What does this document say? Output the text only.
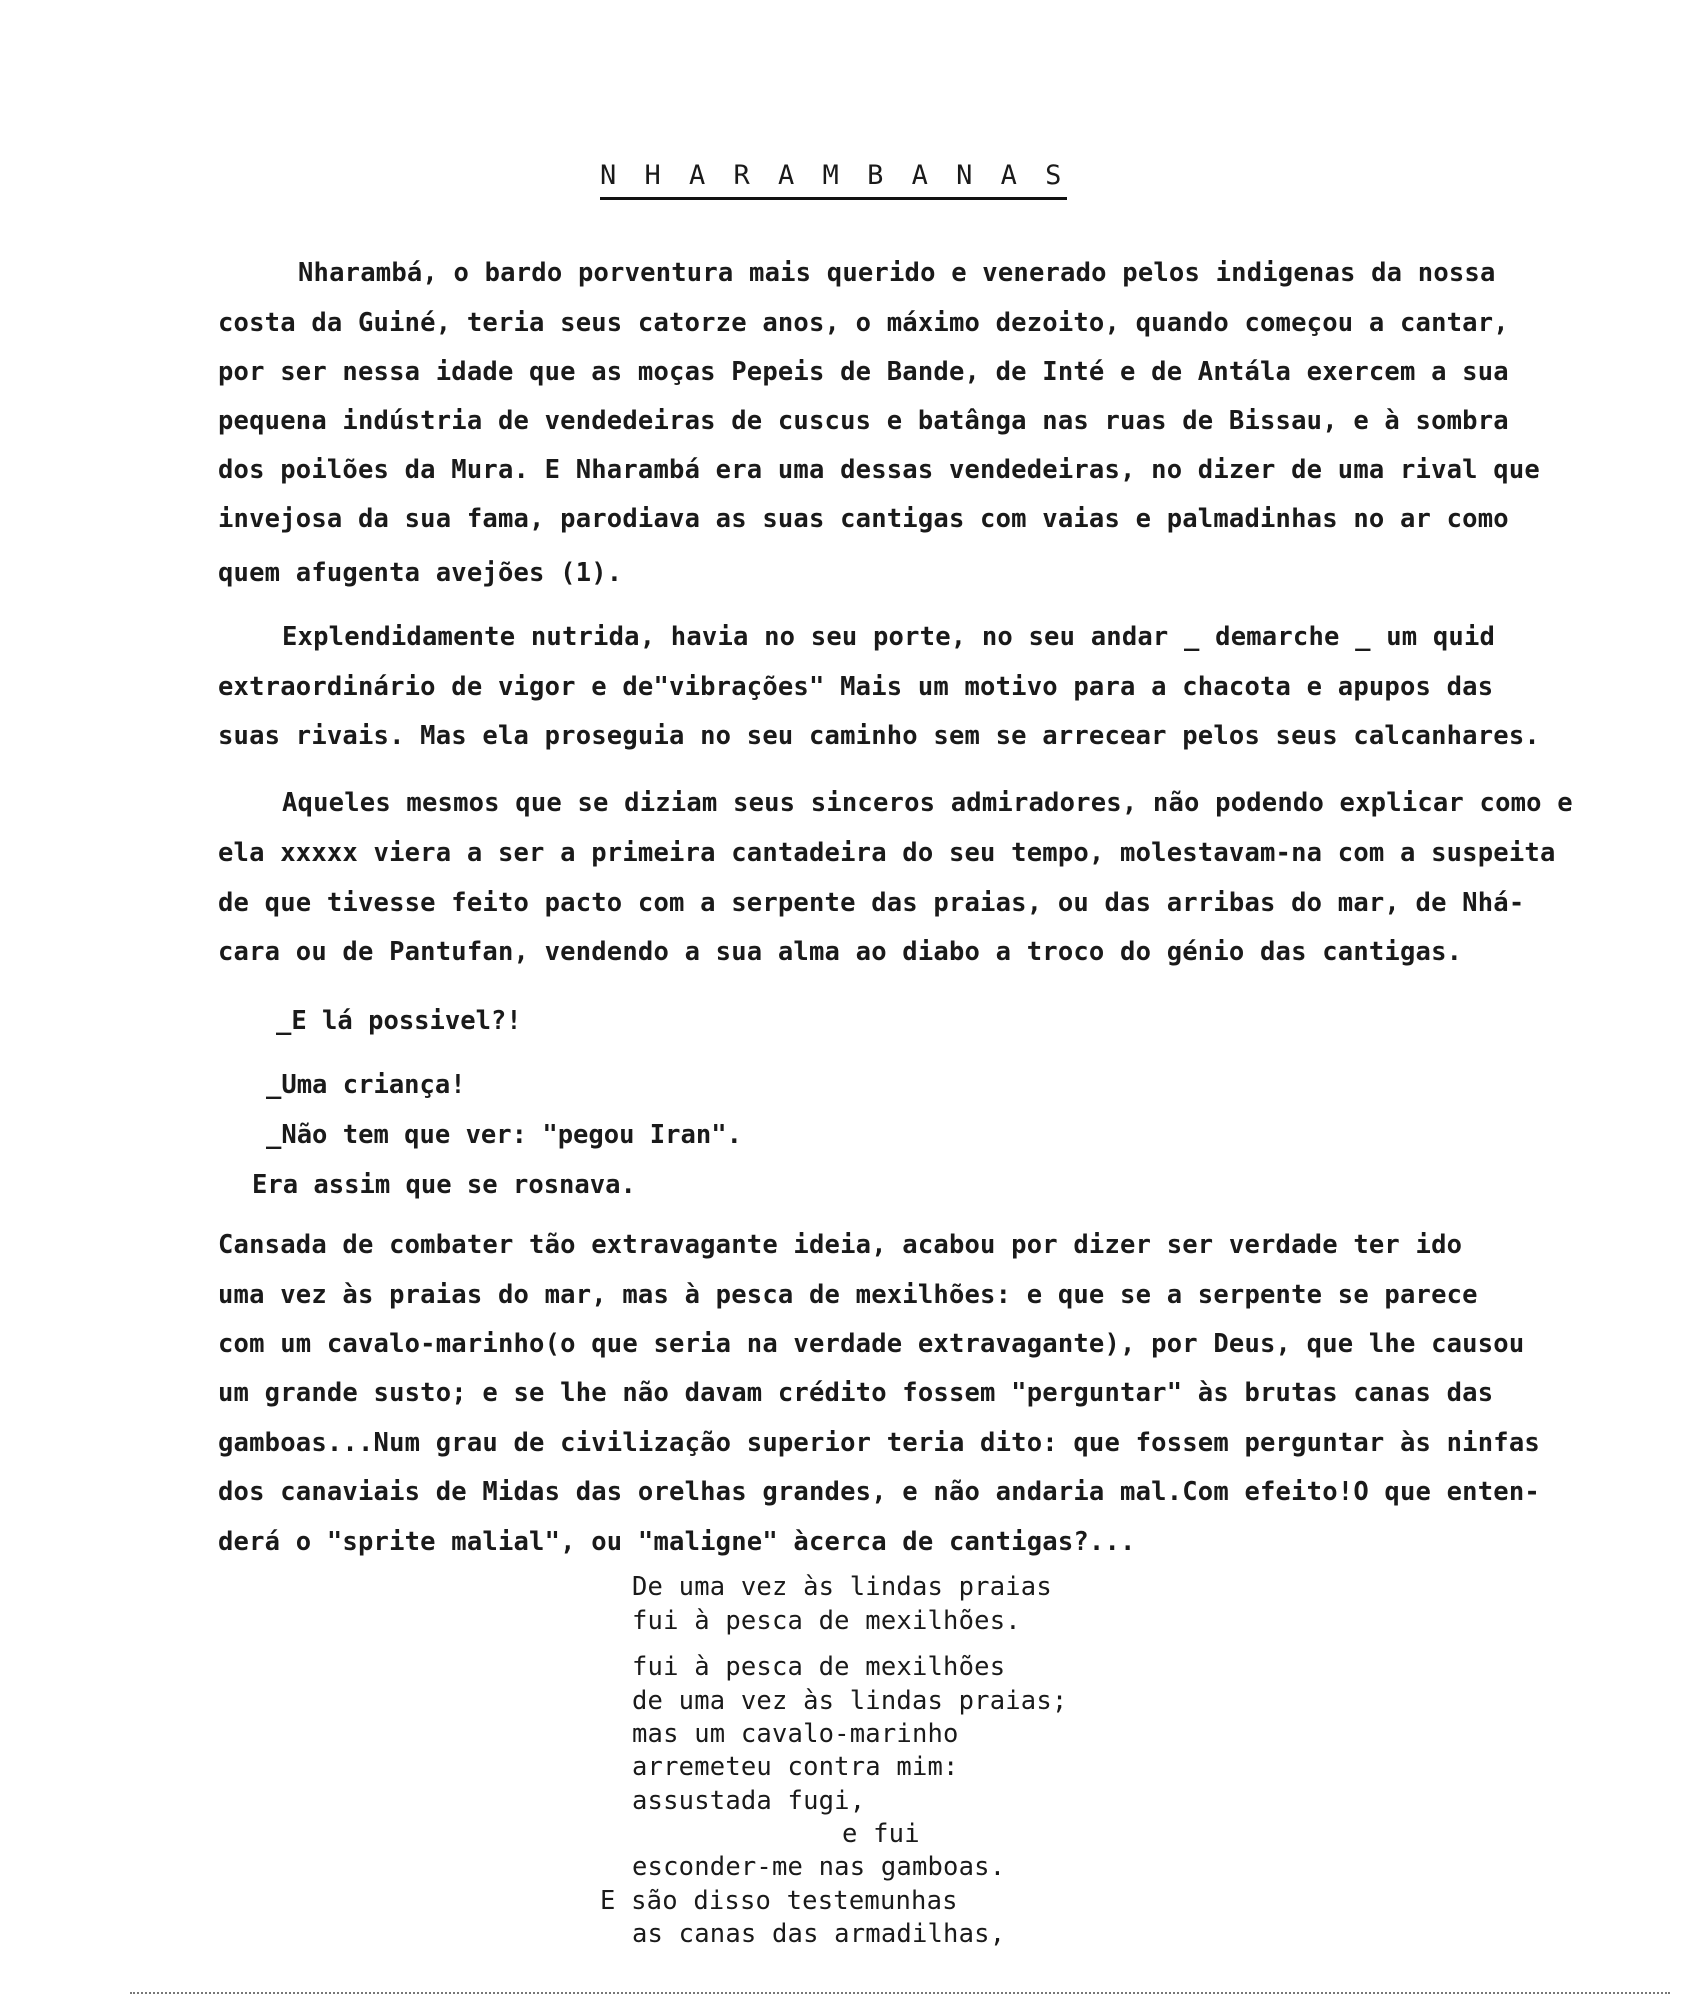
N H A R A M B A N A S
Nharambá, o bardo porventura mais querido e venerado pelos indigenas da nossa
costa da Guiné, teria seus catorze anos, o máximo dezoito, quando começou a cantar,
por ser nessa idade que as moças Pepeis de Bande, de Inté e de Antála exercem a sua
pequena indústria de vendedeiras de cuscus e batânga nas ruas de Bissau, e à sombra
dos poilões da Mura. E Nharambá era uma dessas vendedeiras, no dizer de uma rival que
invejosa da sua fama, parodiava as suas cantigas com vaias e palmadinhas no ar como
quem afugenta avejões (1).
Explendidamente nutrida, havia no seu porte, no seu andar _ demarche _ um quid
extraordinário de vigor e de"vibrações" Mais um motivo para a chacota e apupos das
suas rivais. Mas ela proseguia no seu caminho sem se arrecear pelos seus calcanhares.
Aqueles mesmos que se diziam seus sinceros admiradores, não podendo explicar como e
ela xxxxx viera a ser a primeira cantadeira do seu tempo, molestavam-na com a suspeita
de que tivesse feito pacto com a serpente das praias, ou das arribas do mar, de Nhá-
cara ou de Pantufan, vendendo a sua alma ao diabo a troco do génio das cantigas.
_E lá possivel?!
_Uma criança!
_Não tem que ver: "pegou Iran".
Era assim que se rosnava.
Cansada de combater tão extravagante ideia, acabou por dizer ser verdade ter ido
uma vez às praias do mar, mas à pesca de mexilhões: e que se a serpente se parece
com um cavalo-marinho(o que seria na verdade extravagante), por Deus, que lhe causou
um grande susto; e se lhe não davam crédito fossem "perguntar" às brutas canas das
gamboas...Num grau de civilização superior teria dito: que fossem perguntar às ninfas
dos canaviais de Midas das orelhas grandes, e não andaria mal.Com efeito!O que enten-
derá o "sprite malial", ou "maligne" àcerca de cantigas?...
De uma vez às lindas praias
fui à pesca de mexilhões.
fui à pesca de mexilhões
de uma vez às lindas praias;
mas um cavalo-marinho
arremeteu contra mim:
assustada fugi,
e fui
esconder-me nas gamboas.
E são disso testemunhas
as canas das armadilhas,
